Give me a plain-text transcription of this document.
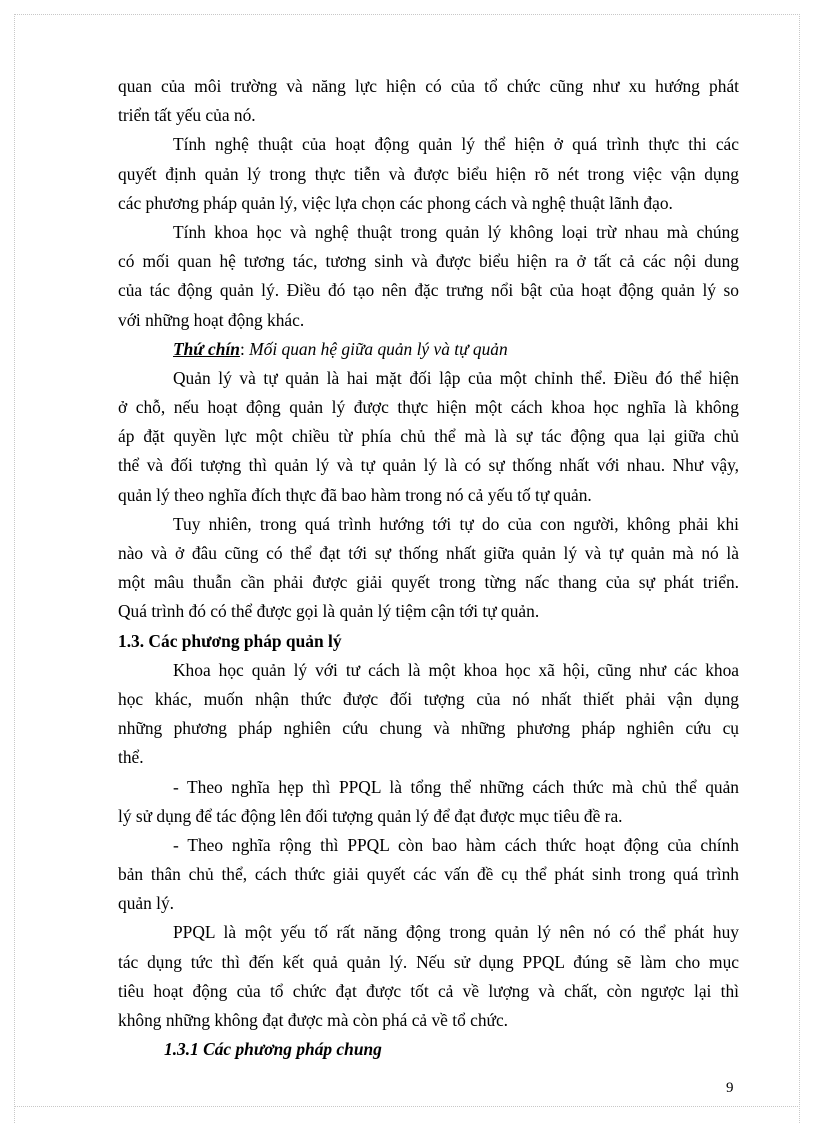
quan của môi trường và năng lực hiện có của tổ chức cũng như xu hướng phát
triển tất yếu của nó.
Tính nghệ thuật của hoạt động quản lý thể hiện ở quá trình thực thi các
quyết định quản lý trong thực tiễn và được biểu hiện rõ nét trong việc vận dụng
các phương pháp quản lý, việc lựa chọn các phong cách và nghệ thuật lãnh đạo.
Tính khoa học và nghệ thuật trong quản lý không loại trừ nhau mà chúng
có mối quan hệ tương tác, tương sinh và được biểu hiện ra ở tất cả các nội dung
của tác động quản lý. Điều đó tạo nên đặc trưng nổi bật của hoạt động quản lý so
với những hoạt động khác.
Thứ chín: Mối quan hệ giữa quản lý và tự quản
Quản lý và tự quản là hai mặt đối lập của một chỉnh thể. Điều đó thể hiện
ở chỗ, nếu hoạt động quản lý được thực hiện một cách khoa học nghĩa là không
áp đặt quyền lực một chiều từ phía chủ thể mà là sự tác động qua lại giữa chủ
thể và đối tượng thì quản lý và tự quản lý là có sự thống nhất với nhau. Như vậy,
quản lý theo nghĩa đích thực đã bao hàm trong nó cả yếu tố tự quản.
Tuy nhiên, trong quá trình hướng tới tự do của con người, không phải khi
nào và ở đâu cũng có thể đạt tới sự thống nhất giữa quản lý và tự quản mà nó là
một mâu thuẫn cần phải được giải quyết trong từng nấc thang của sự phát triển.
Quá trình đó có thể được gọi là quản lý tiệm cận tới tự quản.
1.3. Các phương pháp quản lý
Khoa học quản lý với tư cách là một khoa học xã hội, cũng như các khoa
học khác, muốn nhận thức được đối tượng của nó nhất thiết phải vận dụng
những phương pháp nghiên cứu chung và những phương pháp nghiên cứu cụ
thể.
- Theo nghĩa hẹp thì PPQL là tổng thể những cách thức mà chủ thể quản
lý sử dụng để tác động lên đối tượng quản lý để đạt được mục tiêu đề ra.
- Theo nghĩa rộng thì PPQL còn bao hàm cách thức hoạt động của chính
bản thân chủ thể, cách thức giải quyết các vấn đề cụ thể phát sinh trong quá trình
quản lý.
PPQL là một yếu tố rất năng động trong quản lý nên nó có thể phát huy
tác dụng tức thì đến kết quả quản lý. Nếu sử dụng PPQL đúng sẽ làm cho mục
tiêu hoạt động của tổ chức đạt được tốt cả về lượng và chất, còn ngược lại thì
không những không đạt được mà còn phá cả về tổ chức.
1.3.1 Các phương pháp chung
9
